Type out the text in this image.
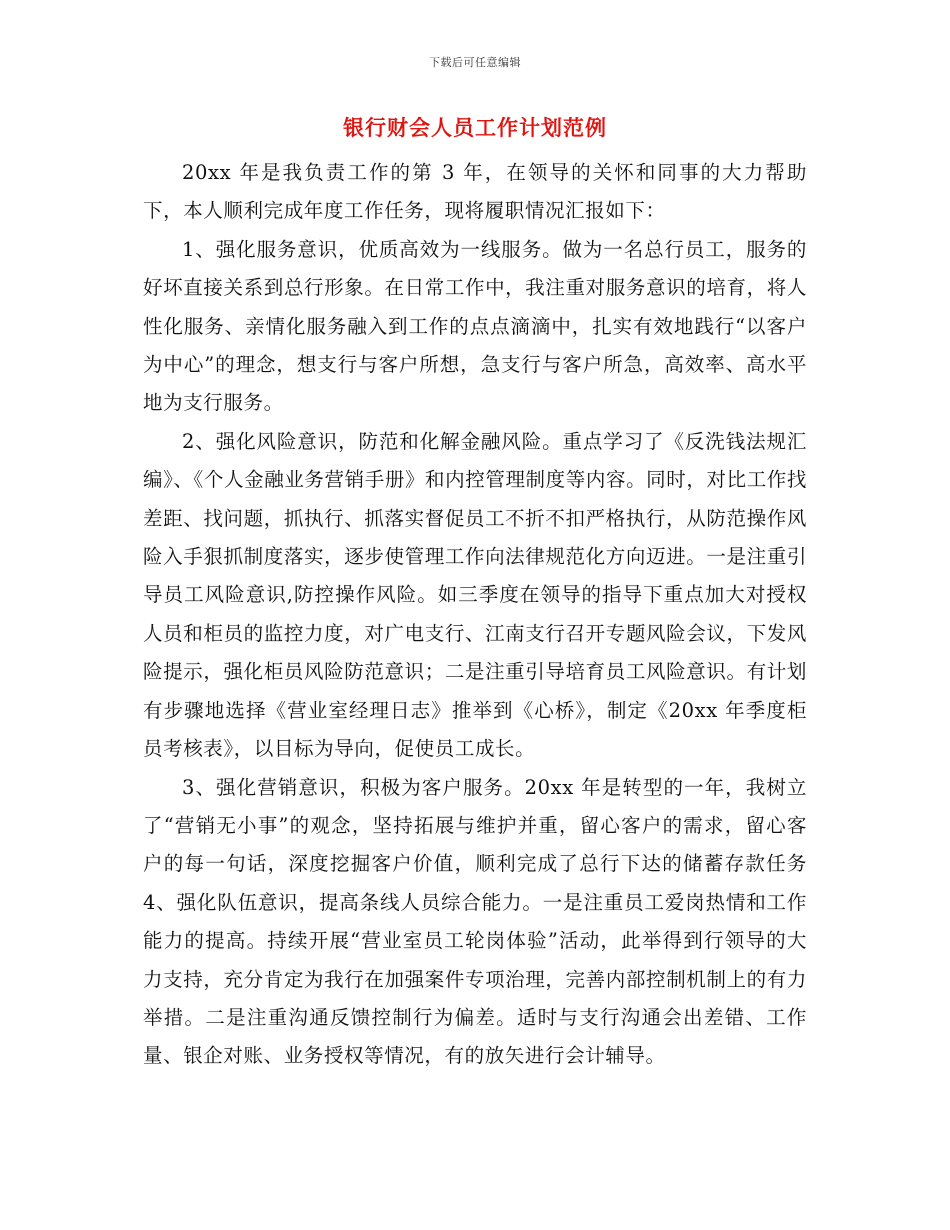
下载后可任意编辑
银行财会人员工作计划范例

20xx 年是我负责工作的第 3 年，在领导的关怀和同事的大力帮助下，本人顺利完成年度工作任务，现将履职情况汇报如下：

1、强化服务意识，优质高效为一线服务。做为一名总行员工，服务的好坏直接关系到总行形象。在日常工作中，我注重对服务意识的培育，将人性化服务、亲情化服务融入到工作的点点滴滴中，扎实有效地践行“以客户为中心”的理念，想支行与客户所想，急支行与客户所急，高效率、高水平地为支行服务。

2、强化风险意识，防范和化解金融风险。重点学习了《反洗钱法规汇编》、《个人金融业务营销手册》和内控管理制度等内容。同时，对比工作找差距、找问题，抓执行、抓落实督促员工不折不扣严格执行，从防范操作风险入手狠抓制度落实，逐步使管理工作向法律规范化方向迈进。一是注重引导员工风险意识,防控操作风险。如三季度在领导的指导下重点加大对授权人员和柜员的监控力度，对广电支行、江南支行召开专题风险会议，下发风险提示，强化柜员风险防范意识；二是注重引导培育员工风险意识。有计划有步骤地选择《营业室经理日志》推举到《心桥》，制定《20xx 年季度柜员考核表》，以目标为导向，促使员工成长。

3、强化营销意识，积极为客户服务。20xx 年是转型的一年，我树立了“营销无小事”的观念，坚持拓展与维护并重，留心客户的需求，留心客户的每一句话，深度挖掘客户价值，顺利完成了总行下达的储蓄存款任务 4、强化队伍意识，提高条线人员综合能力。一是注重员工爱岗热情和工作能力的提高。持续开展“营业室员工轮岗体验”活动，此举得到行领导的大力支持，充分肯定为我行在加强案件专项治理，完善内部控制机制上的有力举措。二是注重沟通反馈控制行为偏差。适时与支行沟通会出差错、工作量、银企对账、业务授权等情况，有的放矢进行会计辅导。
